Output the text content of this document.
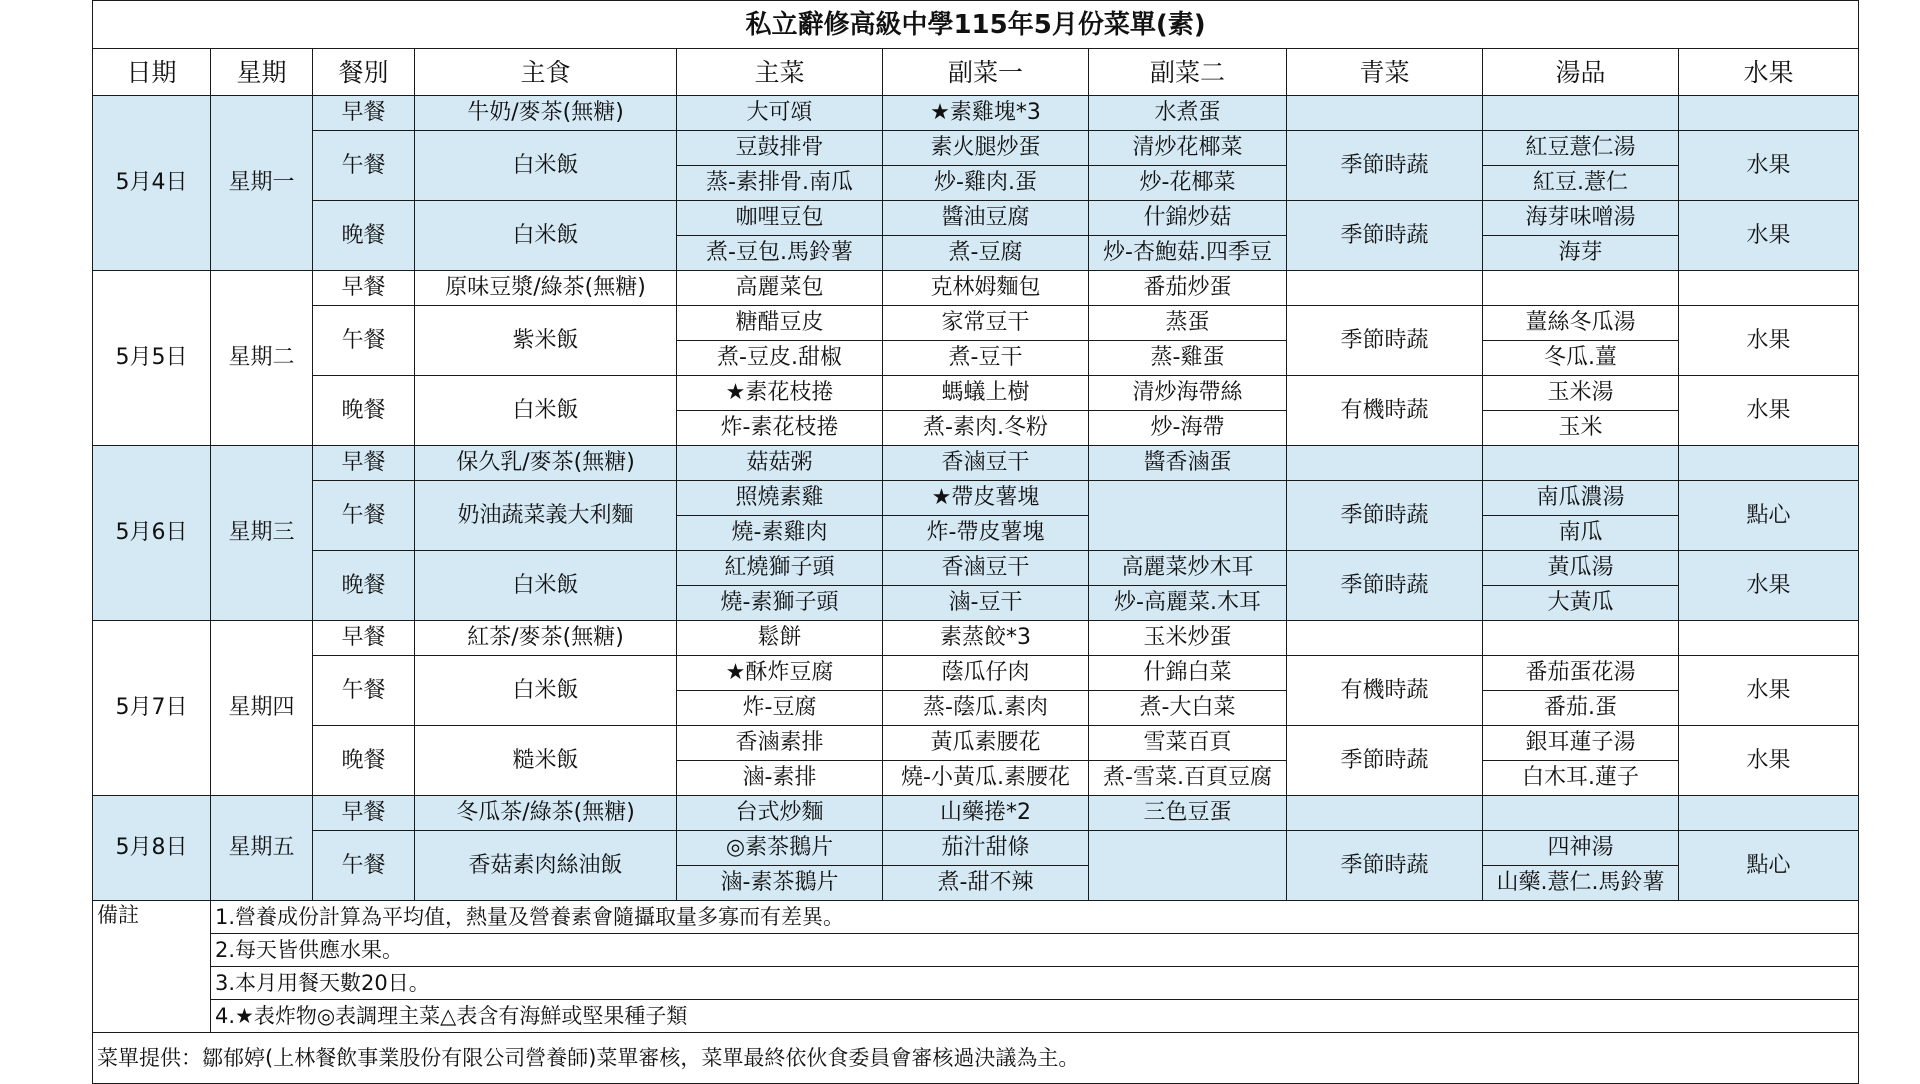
私立辭修高級中學115年5月份菜單(素)									
日期	星期	餐別	主食	主菜	副菜一	副菜二	青菜	湯品	水果
5月4日	星期一	早餐	牛奶/麥茶(無糖)	大可頌	★素雞塊*3	水煮蛋			
		午餐	白米飯	豆鼓排骨	素火腿炒蛋	清炒花椰菜	季節時蔬	紅豆薏仁湯	水果
				蒸-素排骨.南瓜	炒-雞肉.蛋	炒-花椰菜		紅豆.薏仁	
		晚餐	白米飯	咖哩豆包	醬油豆腐	什錦炒菇	季節時蔬	海芽味噌湯	水果
				煮-豆包.馬鈴薯	煮-豆腐	炒-杏鮑菇.四季豆		海芽	
5月5日	星期二	早餐	原味豆漿/綠茶(無糖)	高麗菜包	克林姆麵包	番茄炒蛋			
		午餐	紫米飯	糖醋豆皮	家常豆干	蒸蛋	季節時蔬	薑絲冬瓜湯	水果
				煮-豆皮.甜椒	煮-豆干	蒸-雞蛋		冬瓜.薑	
		晚餐	白米飯	★素花枝捲	螞蟻上樹	清炒海帶絲	有機時蔬	玉米湯	水果
				炸-素花枝捲	煮-素肉.冬粉	炒-海帶		玉米	
5月6日	星期三	早餐	保久乳/麥茶(無糖)	菇菇粥	香滷豆干	醬香滷蛋			
		午餐	奶油蔬菜義大利麵	照燒素雞	★帶皮薯塊		季節時蔬	南瓜濃湯	點心
				燒-素雞肉	炸-帶皮薯塊			南瓜	
		晚餐	白米飯	紅燒獅子頭	香滷豆干	高麗菜炒木耳	季節時蔬	黃瓜湯	水果
				燒-素獅子頭	滷-豆干	炒-高麗菜.木耳		大黃瓜	
5月7日	星期四	早餐	紅茶/麥茶(無糖)	鬆餅	素蒸餃*3	玉米炒蛋			
		午餐	白米飯	★酥炸豆腐	蔭瓜仔肉	什錦白菜	有機時蔬	番茄蛋花湯	水果
				炸-豆腐	蒸-蔭瓜.素肉	煮-大白菜		番茄.蛋	
		晚餐	糙米飯	香滷素排	黃瓜素腰花	雪菜百頁	季節時蔬	銀耳蓮子湯	水果
				滷-素排	燒-小黃瓜.素腰花	煮-雪菜.百頁豆腐		白木耳.蓮子	
5月8日	星期五	早餐	冬瓜茶/綠茶(無糖)	台式炒麵	山藥捲*2	三色豆蛋			
		午餐	香菇素肉絲油飯	◎素茶鵝片	茄汁甜條		季節時蔬	四神湯	點心
				滷-素茶鵝片	煮-甜不辣			山藥.薏仁.馬鈴薯	
備註	1.營養成份計算為平均值，熱量及營養素會隨攝取量多寡而有差異。								
	2.每天皆供應水果。								
	3.本月用餐天數20日。								
	4.★表炸物◎表調理主菜△表含有海鮮或堅果種子類								
菜單提供：鄒郁婷(上林餐飲事業股份有限公司營養師)菜單審核，菜單最終依伙食委員會審核過決議為主。									
